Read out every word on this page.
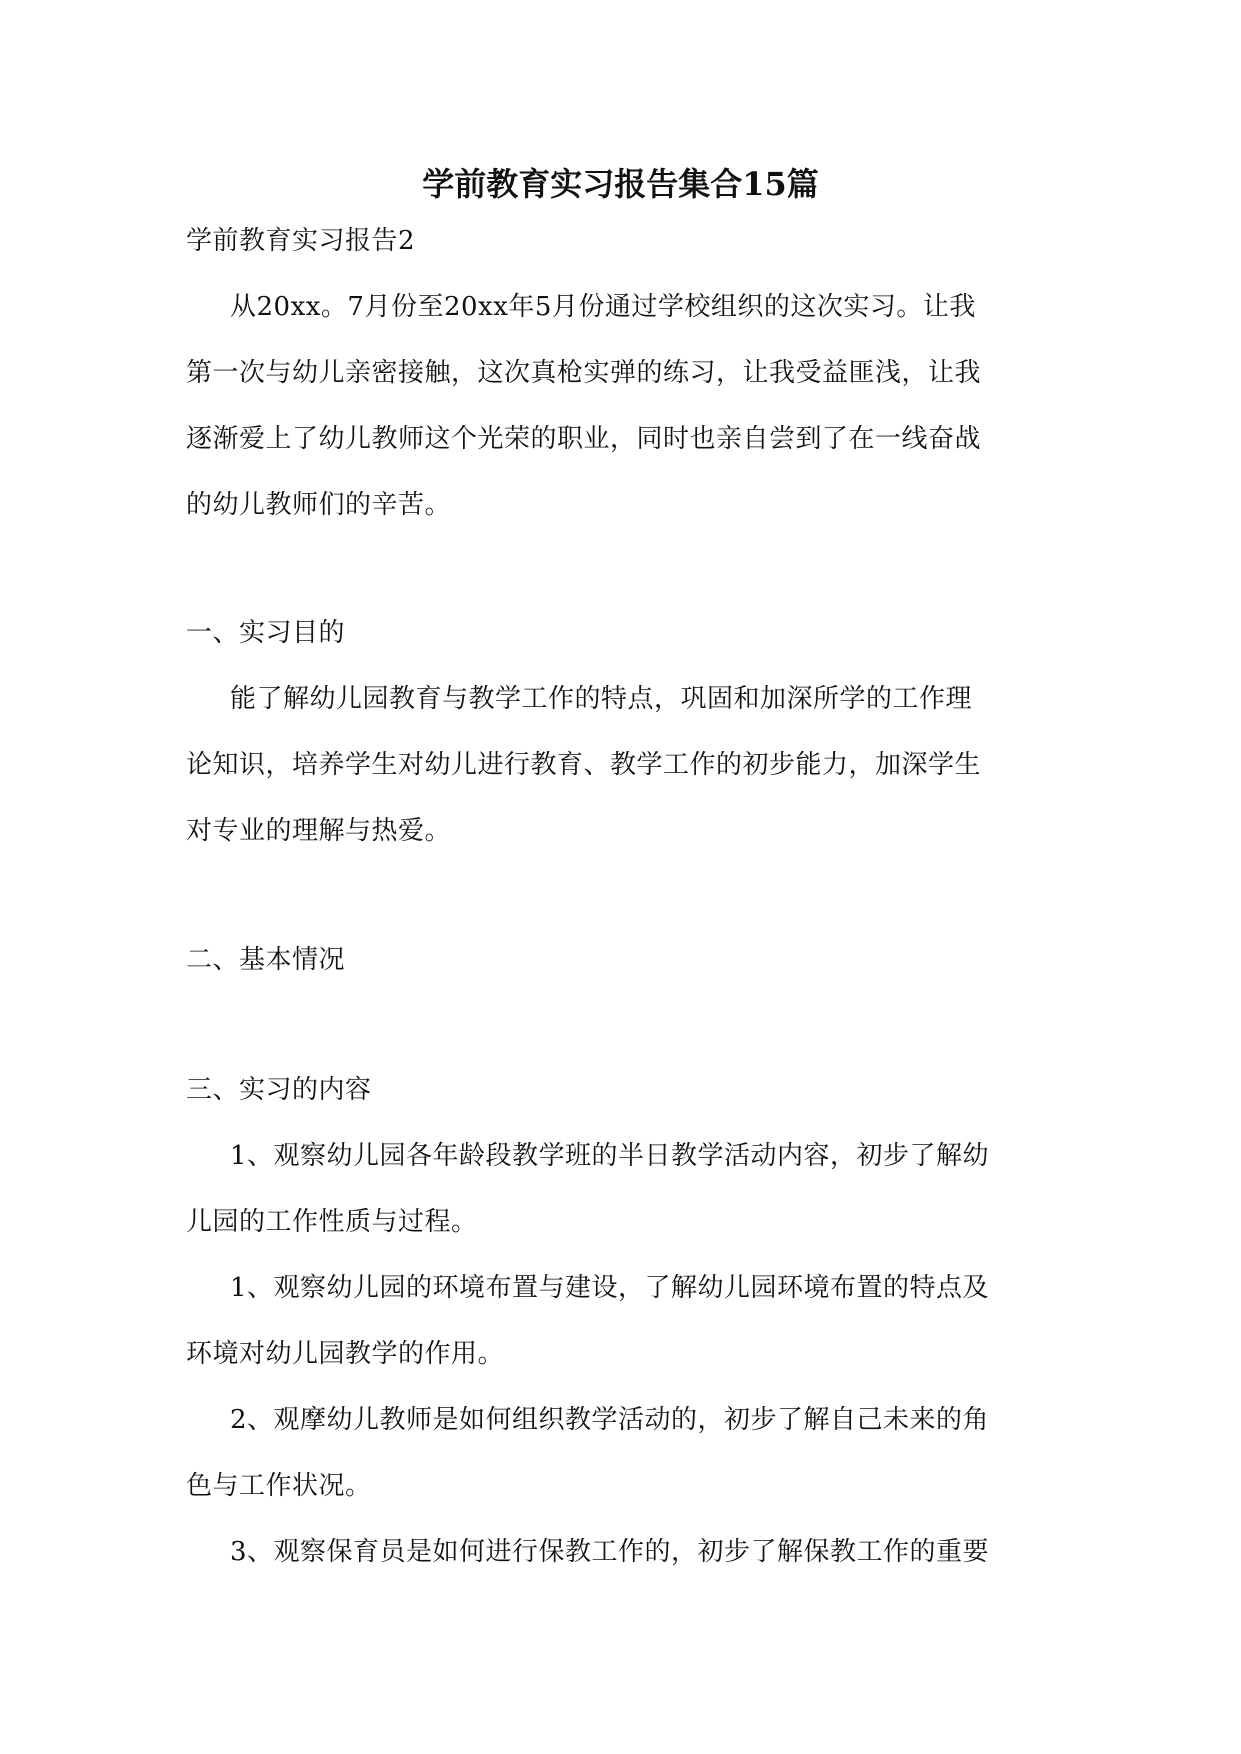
学前教育实习报告集合15篇

学前教育实习报告2

从20xx。7月份至20xx年5月份通过学校组织的这次实习。让我

第一次与幼儿亲密接触，这次真枪实弹的练习，让我受益匪浅，让我

逐渐爱上了幼儿教师这个光荣的职业，同时也亲自尝到了在一线奋战

的幼儿教师们的辛苦。

一、实习目的

能了解幼儿园教育与教学工作的特点，巩固和加深所学的工作理

论知识，培养学生对幼儿进行教育、教学工作的初步能力，加深学生

对专业的理解与热爱。

二、基本情况

三、实习的内容

1、观察幼儿园各年龄段教学班的半日教学活动内容，初步了解幼

儿园的工作性质与过程。

1、观察幼儿园的环境布置与建设，了解幼儿园环境布置的特点及

环境对幼儿园教学的作用。

2、观摩幼儿教师是如何组织教学活动的，初步了解自己未来的角

色与工作状况。

3、观察保育员是如何进行保教工作的，初步了解保教工作的重要
